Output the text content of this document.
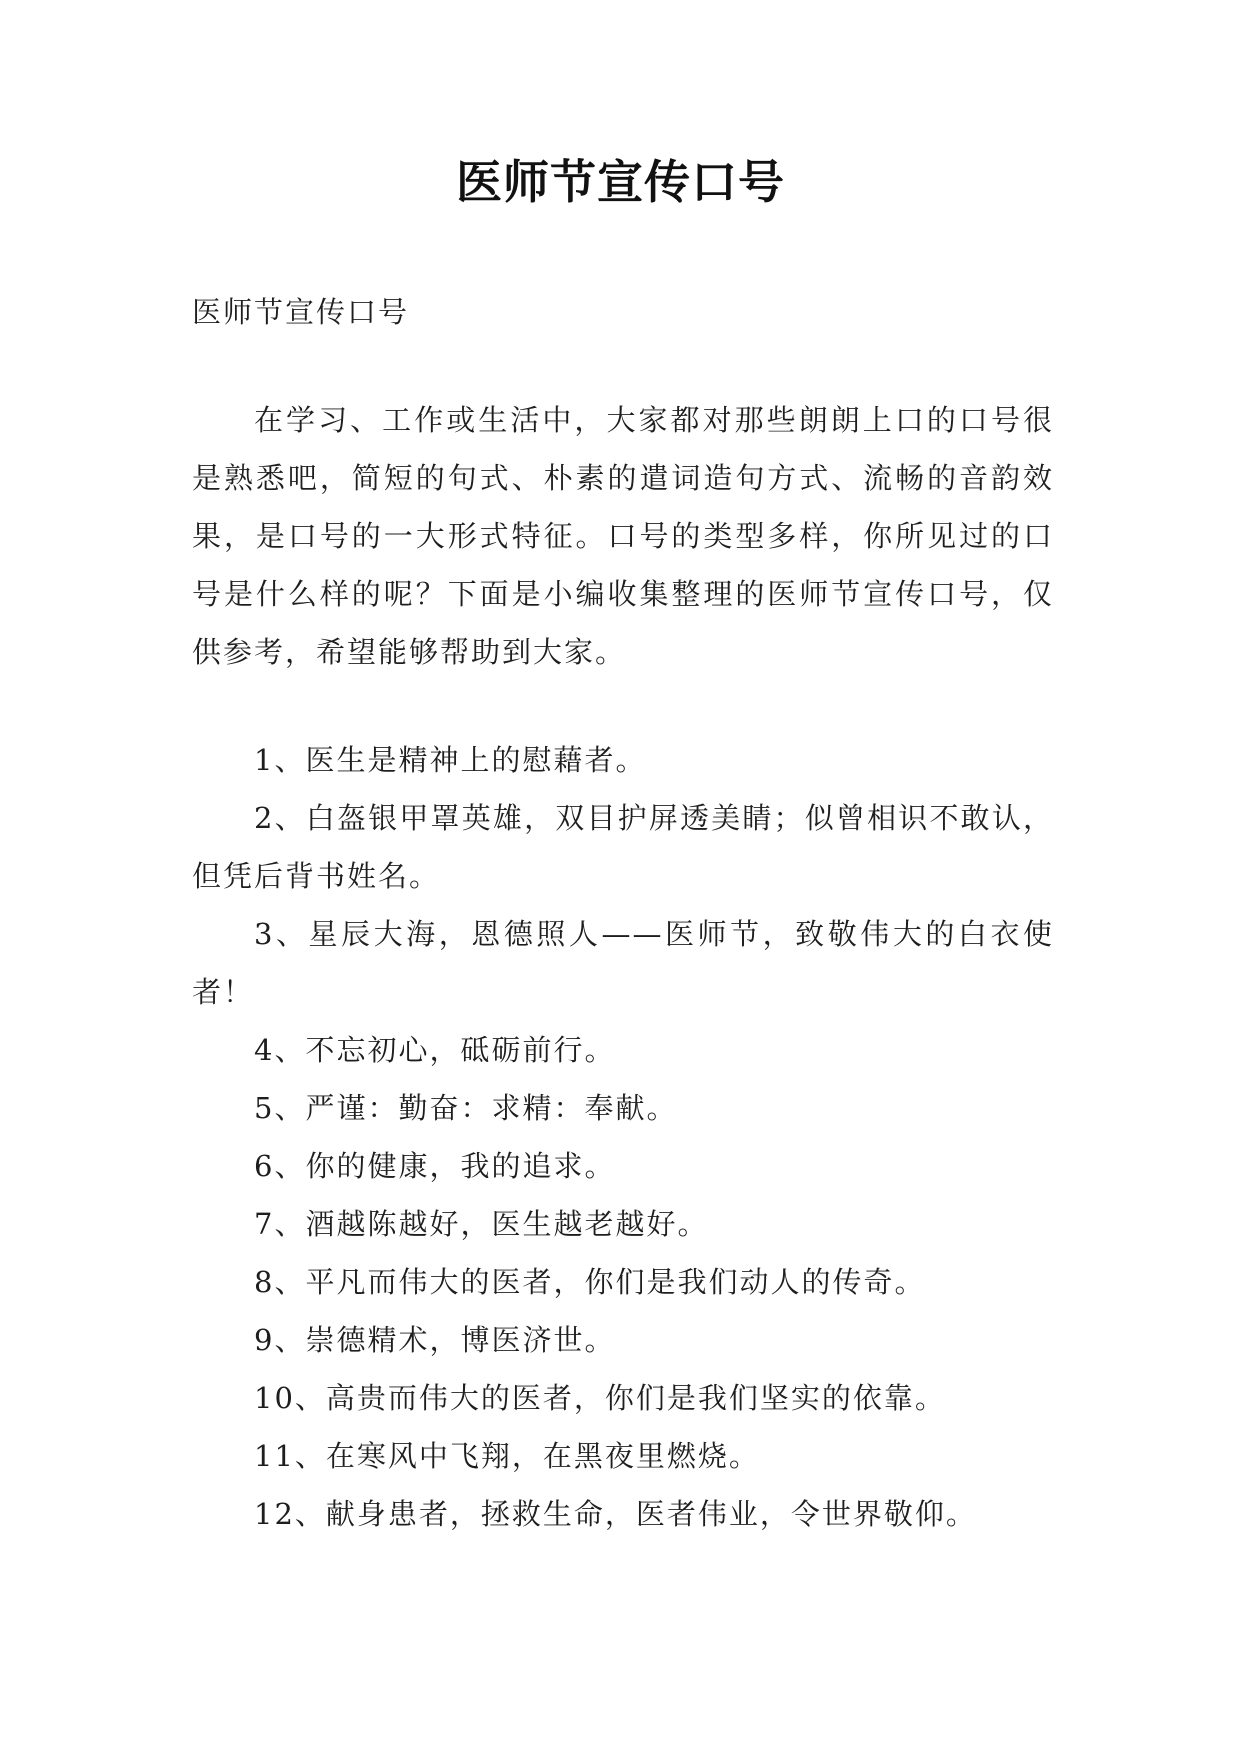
医师节宣传口号

医师节宣传口号

在学习、工作或生活中，大家都对那些朗朗上口的口号很是熟悉吧，简短的句式、朴素的遣词造句方式、流畅的音韵效果，是口号的一大形式特征。口号的类型多样，你所见过的口号是什么样的呢？下面是小编收集整理的医师节宣传口号，仅供参考，希望能够帮助到大家。

1、医生是精神上的慰藉者。

2、白盔银甲罩英雄，双目护屏透美睛；似曾相识不敢认，但凭后背书姓名。

3、星辰大海，恩德照人——医师节，致敬伟大的白衣使者！

4、不忘初心，砥砺前行。

5、严谨：勤奋：求精：奉献。

6、你的健康，我的追求。

7、酒越陈越好，医生越老越好。

8、平凡而伟大的医者，你们是我们动人的传奇。

9、崇德精术，博医济世。

10、高贵而伟大的医者，你们是我们坚实的依靠。

11、在寒风中飞翔，在黑夜里燃烧。

12、献身患者，拯救生命，医者伟业，令世界敬仰。
